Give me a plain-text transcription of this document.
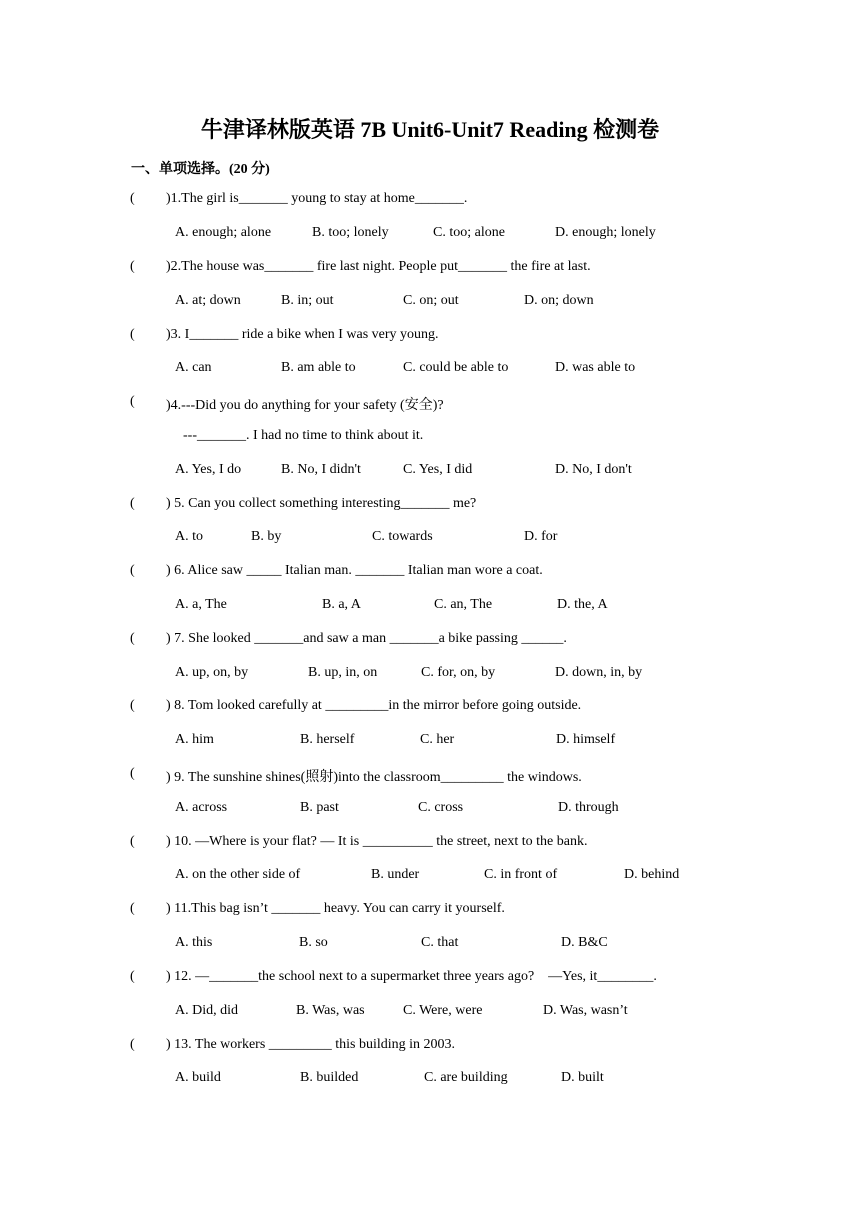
牛津译林版英语 7B Unit6-Unit7 Reading 检测卷
一、单项选择。(20 分)
( )1.The girl is_______ young to stay at home_______.
A. enough; alone	B. too; lonely	C. too; alone	D. enough; lonely
( )2.The house was_______ fire last night. People put_______ the fire at last.
A. at; down	B. in; out	C. on; out	D. on; down
( )3. I_______ ride a bike when I was very young.
A. can	B. am able to	C. could be able to	D. was able to
( )4.---Did you do anything for your safety (安全)?
---_______. I had no time to think about it.
A. Yes, I do	B. No, I didn't	C. Yes, I did	D. No, I don't
( ) 5. Can you collect something interesting_______ me?
A. to	B. by	C. towards	D. for
( ) 6. Alice saw _____ Italian man. _______ Italian man wore a coat.
A. a, The	B. a, A	C. an, The	D. the, A
( ) 7. She looked _______and saw a man _______a bike passing ______.
A. up, on, by	B. up, in, on	C. for, on, by	D. down, in, by
( ) 8. Tom looked carefully at _________in the mirror before going outside.
A. him	B. herself	C. her	D. himself
( ) 9. The sunshine shines(照射)into the classroom_________ the windows.
A. across	B. past	C. cross	D. through
( ) 10. —Where is your flat? — It is __________ the street, next to the bank.
A. on the other side of	B. under	C. in front of	D. behind
( ) 11.This bag isn’t _______ heavy. You can carry it yourself.
A. this	B. so	C. that	D. B&C
( ) 12. —_______the school next to a supermarket three years ago?    —Yes, it________.
A. Did, did	B. Was, was	C. Were, were	D. Was, wasn’t
( ) 13. The workers _________ this building in 2003.
A. build	B. builded	C. are building	D. built
